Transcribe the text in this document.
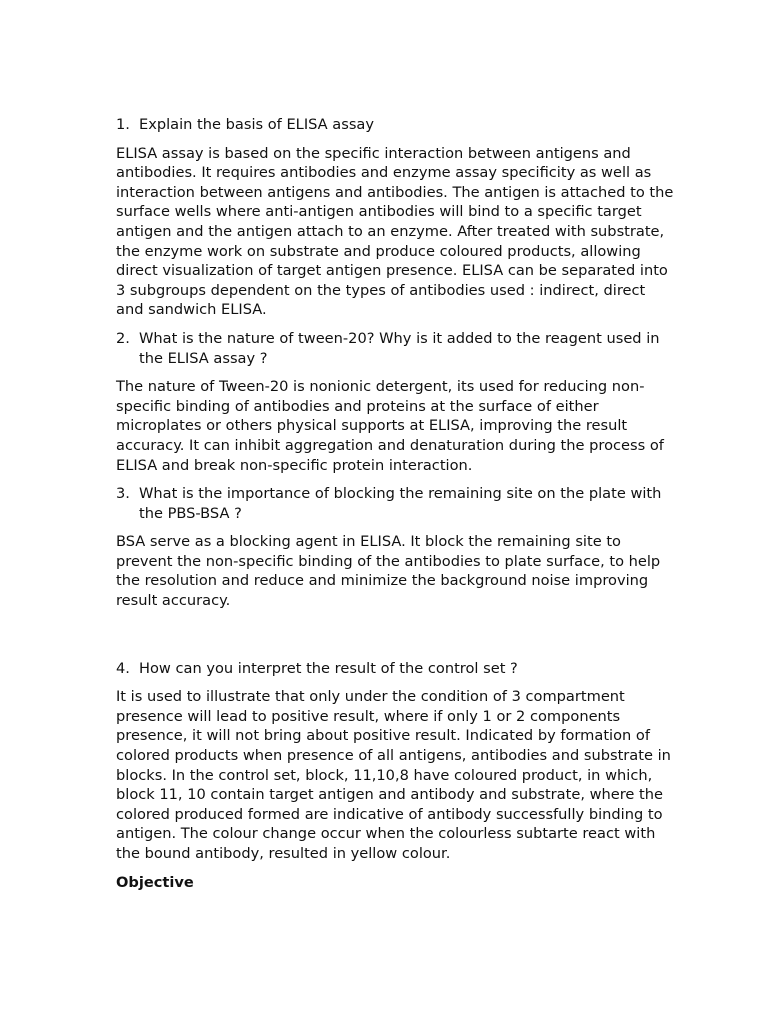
1. Explain the basis of ELISA assay

ELISA assay is based on the specific interaction between antigens and antibodies. It requires antibodies and enzyme assay specificity as well as interaction between antigens and antibodies. The antigen is attached to the surface wells where anti-antigen antibodies will bind to a specific target antigen and the antigen attach to an enzyme. After treated with substrate, the enzyme work on substrate and produce coloured products, allowing direct visualization of target antigen presence. ELISA can be separated into 3 subgroups dependent on the types of antibodies used : indirect, direct and sandwich ELISA.

2. What is the nature of tween-20? Why is it added to the reagent used in the ELISA assay ?

The nature of Tween-20 is nonionic detergent, its used for reducing non-specific binding of antibodies and proteins at the surface of either microplates or others physical supports at ELISA, improving the result accuracy. It can inhibit aggregation and denaturation during the process of ELISA and break non-specific protein interaction.

3. What is the importance of blocking the remaining site on the plate with the PBS-BSA ?

BSA serve as a blocking agent in ELISA. It block the remaining site to prevent the non-specific binding of the antibodies to plate surface, to help the resolution and reduce and minimize the background noise improving result accuracy.

4. How can you interpret the result of the control set ?

It is used to illustrate that only under the condition of 3 compartment presence will lead to positive result, where if only 1 or 2 components presence, it will not bring about positive result. Indicated by formation of colored products when presence of all antigens, antibodies and substrate in blocks. In the control set, block, 11,10,8 have coloured product, in which, block 11, 10 contain target antigen and antibody and substrate, where the colored produced formed are indicative of antibody successfully binding to antigen. The colour change occur when the colourless subtarte react with the bound antibody, resulted in yellow colour.

Objective
